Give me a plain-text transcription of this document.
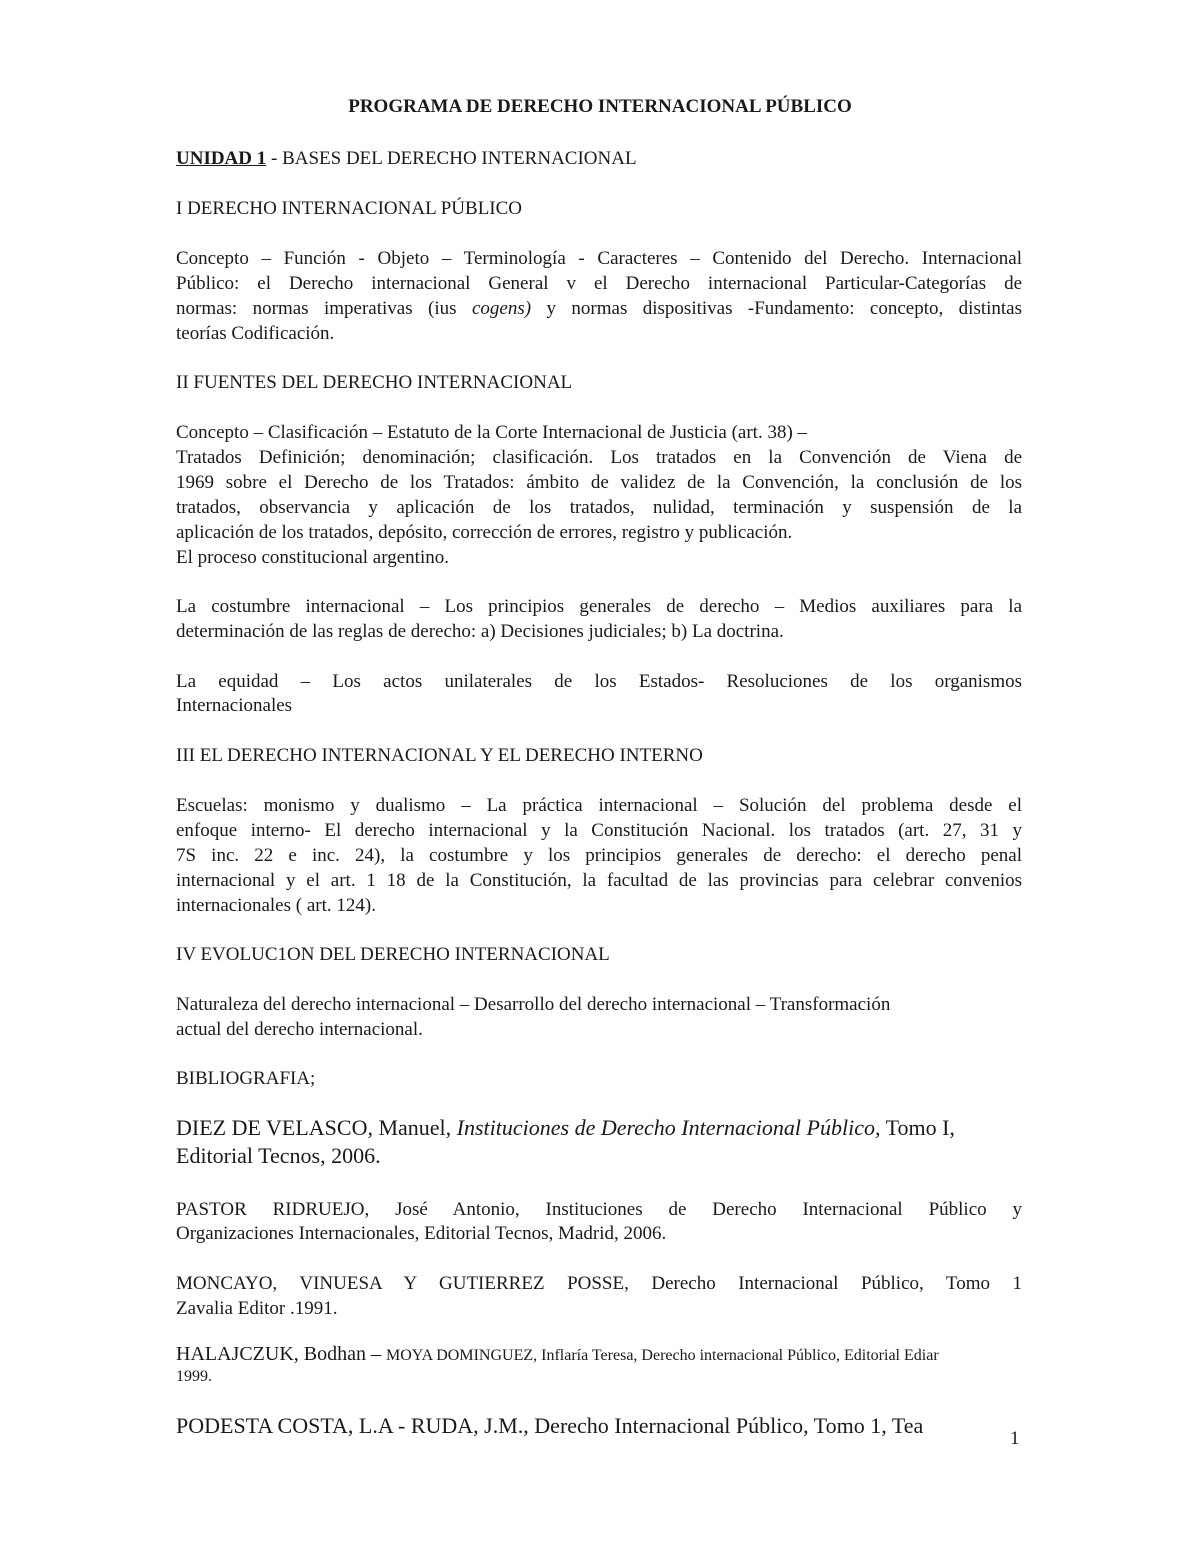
PROGRAMA DE DERECHO INTERNACIONAL PÚBLICO
UNIDAD 1 - BASES DEL DERECHO INTERNACIONAL
I DERECHO INTERNACIONAL PÚBLICO
Concepto – Función - Objeto – Terminología - Caracteres – Contenido del Derecho. Internacional
Público: el Derecho internacional General v el Derecho internacional Particular-Categorías de
normas: normas imperativas (ius cogens) y normas dispositivas -Fundamento: concepto, distintas
teorías Codificación.
II FUENTES DEL DERECHO INTERNACIONAL
Concepto – Clasificación – Estatuto de la Corte Internacional de Justicia (art. 38) –
Tratados Definición; denominación; clasificación. Los tratados en la Convención de Viena de
1969 sobre el Derecho de los Tratados: ámbito de validez de la Convención, la conclusión de los
tratados, observancia y aplicación de los tratados, nulidad, terminación y suspensión de la
aplicación de los tratados, depósito, corrección de errores, registro y publicación.
El proceso constitucional argentino.
La costumbre internacional – Los principios generales de derecho – Medios auxiliares para la
determinación de las reglas de derecho: a) Decisiones judiciales; b) La doctrina.
La equidad – Los actos unilaterales de los Estados- Resoluciones de los organismos
Internacionales
III EL DERECHO INTERNACIONAL Y EL DERECHO INTERNO
Escuelas: monismo y dualismo – La práctica internacional – Solución del problema desde el
enfoque interno- El derecho internacional y la Constitución Nacional. los tratados (art. 27, 31 y
7S inc. 22 e inc. 24), la costumbre y los principios generales de derecho: el derecho penal
internacional y el art. 1 18 de la Constitución, la facultad de las provincias para celebrar convenios
internacionales ( art. 124).
IV EVOLUC1ON DEL DERECHO INTERNACIONAL
Naturaleza del derecho internacional – Desarrollo del derecho internacional – Transformación
actual del derecho internacional.
BIBLIOGRAFIA;
DIEZ DE VELASCO, Manuel, Instituciones de Derecho Internacional Público, Tomo I,
Editorial Tecnos, 2006.
PASTOR RIDRUEJO, José Antonio, Instituciones de Derecho Internacional Público y
Organizaciones Internacionales, Editorial Tecnos, Madrid, 2006.
MONCAYO, VINUESA Y GUTIERREZ POSSE, Derecho Internacional Público, Tomo 1
Zavalia Editor .1991.
HALAJCZUK, Bodhan – MOYA DOMINGUEZ, Inflaría Teresa, Derecho internacional Público, Editorial Ediar
1999.
PODESTA COSTA, L.A - RUDA, J.M., Derecho Internacional Público, Tomo 1, Tea
1
